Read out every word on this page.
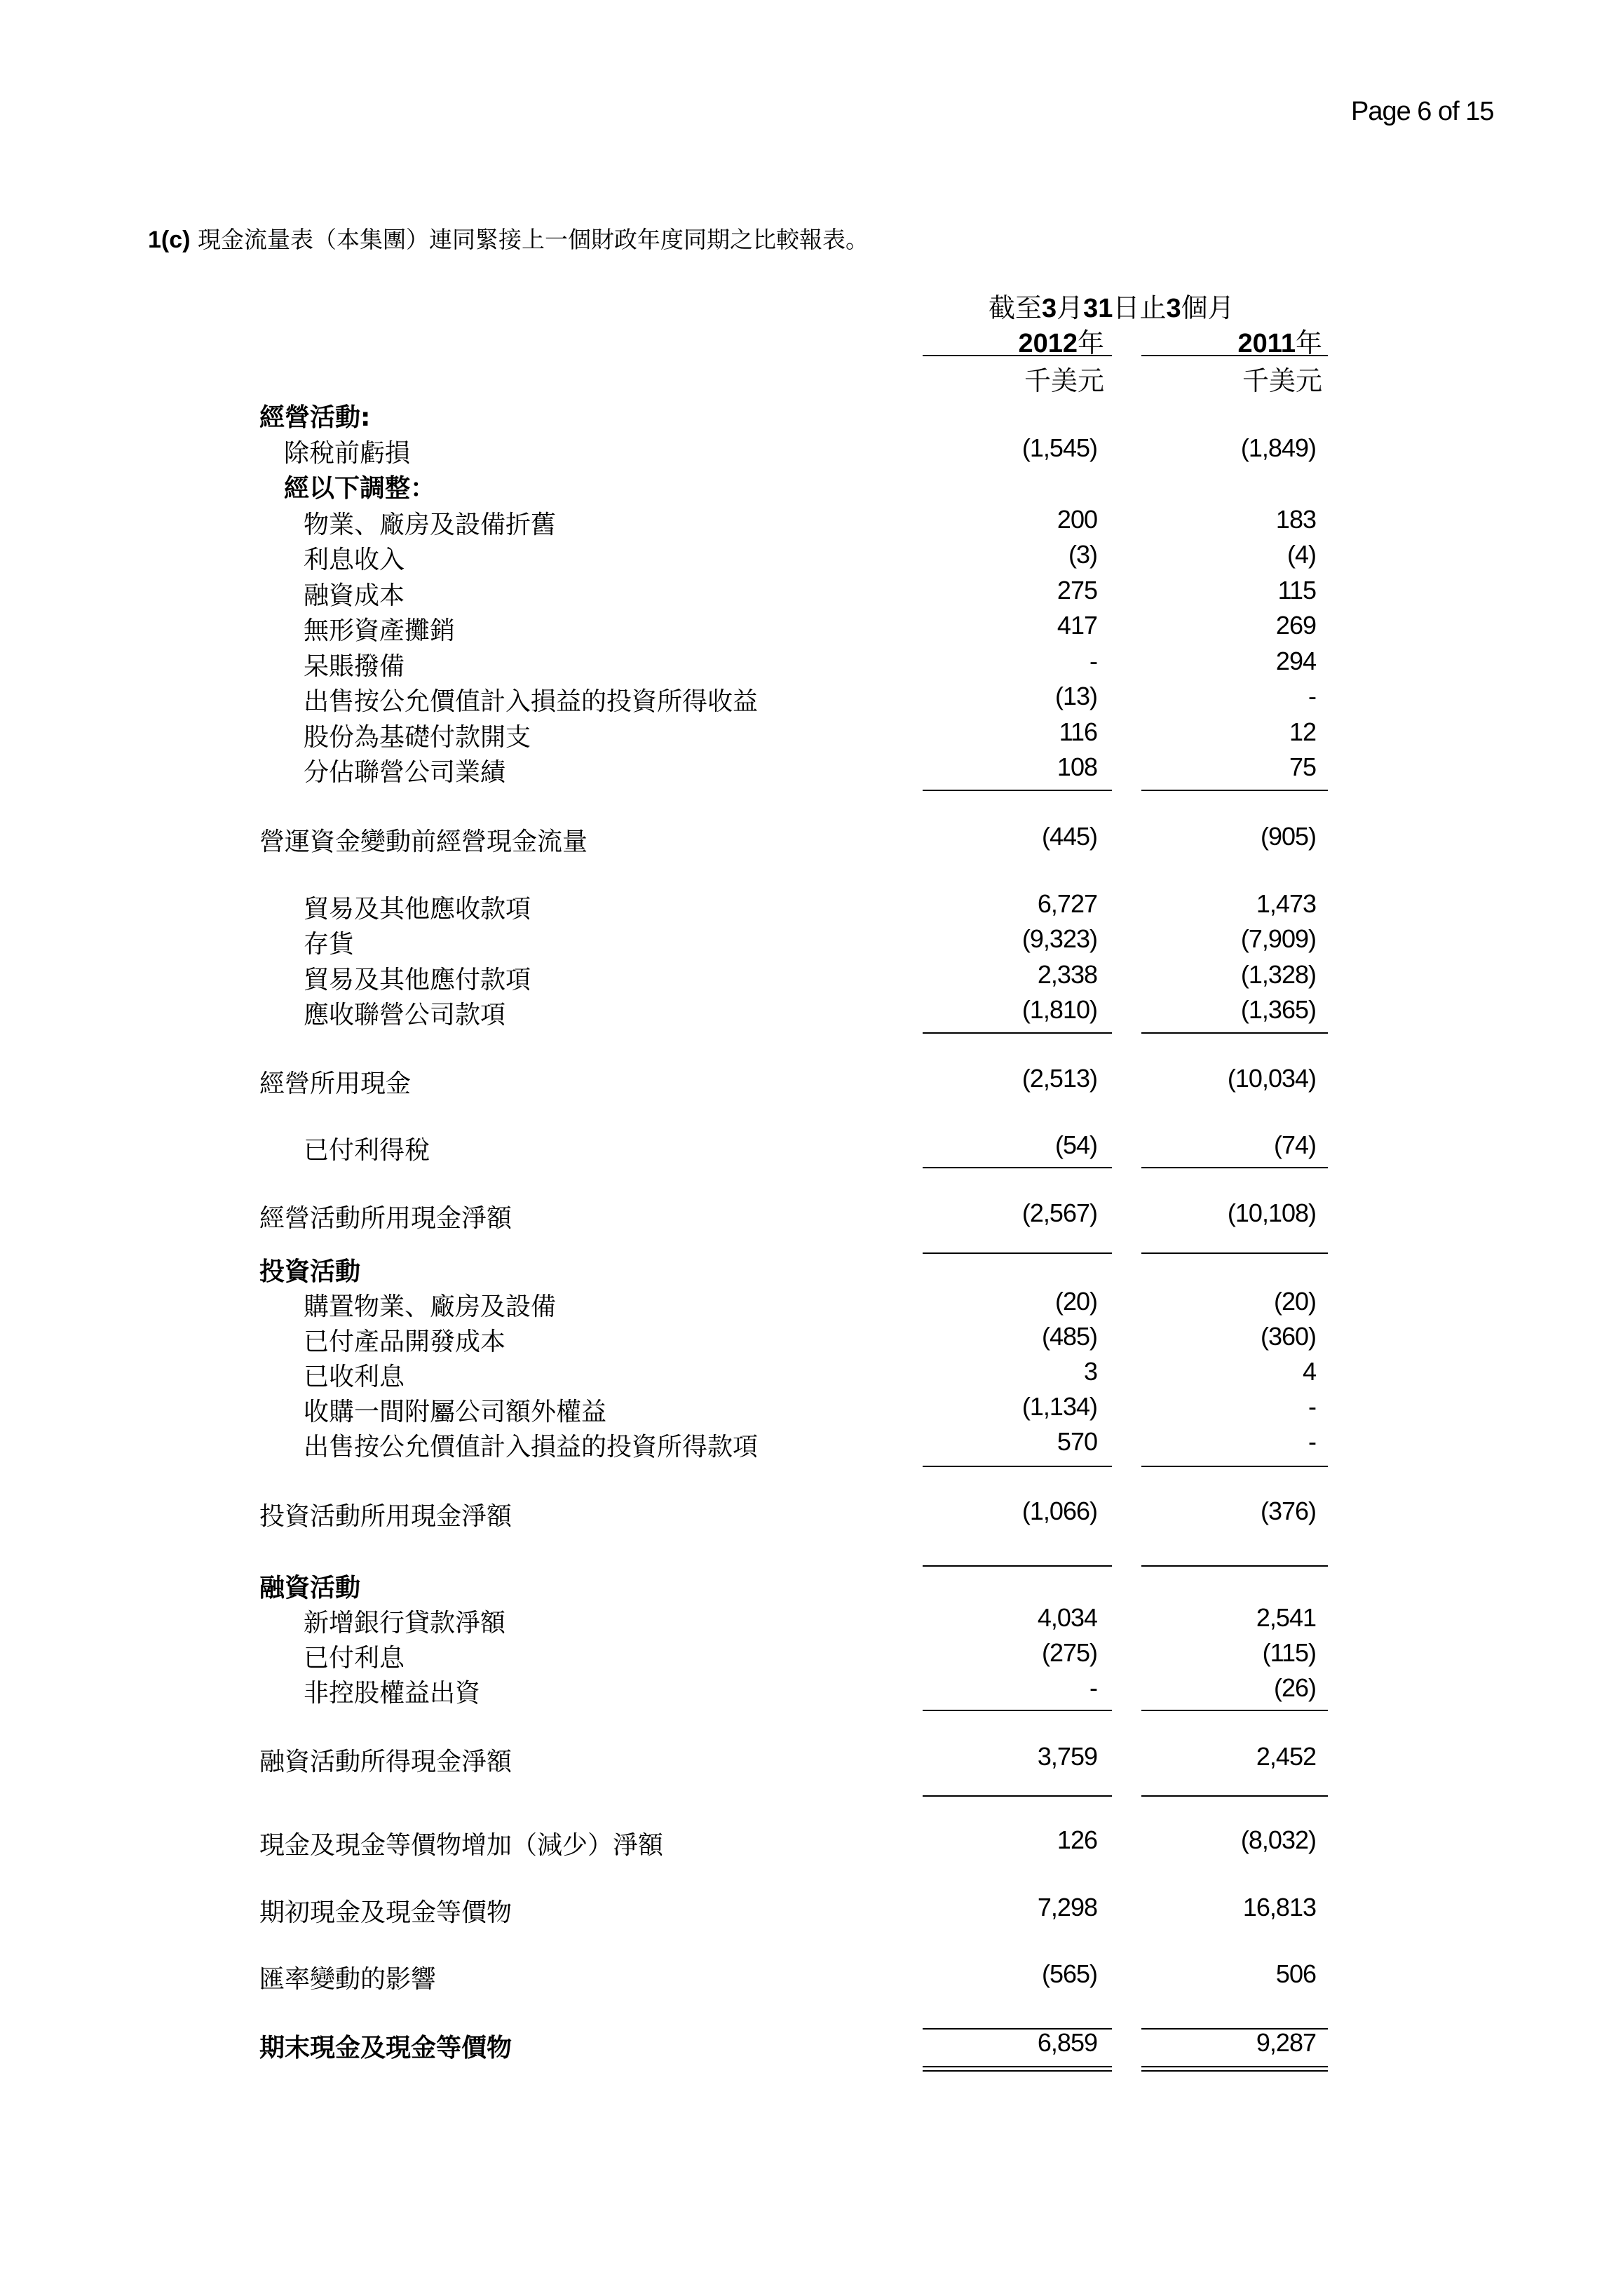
Page 6 of 15
1(c) 現金流量表（本集團）連同緊接上一個財政年度同期之比較報表。
截至3月31日止3個月
2012年	2011年
千美元	千美元
經營活動:
除稅前虧損	(1,545)	(1,849)
經以下調整：
物業、廠房及設備折舊	200	183
利息收入	(3)	(4)
融資成本	275	115
無形資產攤銷	417	269
呆賬撥備	-	294
出售按公允價值計入損益的投資所得收益	(13)	-
股份為基礎付款開支	116	12
分佔聯營公司業績	108	75
營運資金變動前經營現金流量	(445)	(905)
貿易及其他應收款項	6,727	1,473
存貨	(9,323)	(7,909)
貿易及其他應付款項	2,338	(1,328)
應收聯營公司款項	(1,810)	(1,365)
經營所用現金	(2,513)	(10,034)
已付利得稅	(54)	(74)
經營活動所用現金淨額	(2,567)	(10,108)
投資活動
購置物業、廠房及設備	(20)	(20)
已付產品開發成本	(485)	(360)
已收利息	3	4
收購一間附屬公司額外權益	(1,134)	-
出售按公允價值計入損益的投資所得款項	570	-
投資活動所用現金淨額	(1,066)	(376)
融資活動
新增銀行貸款淨額	4,034	2,541
已付利息	(275)	(115)
非控股權益出資	-	(26)
融資活動所得現金淨額	3,759	2,452
現金及現金等價物增加（減少）淨額	126	(8,032)
期初現金及現金等價物	7,298	16,813
匯率變動的影響	(565)	506
期末現金及現金等價物	6,859	9,287
